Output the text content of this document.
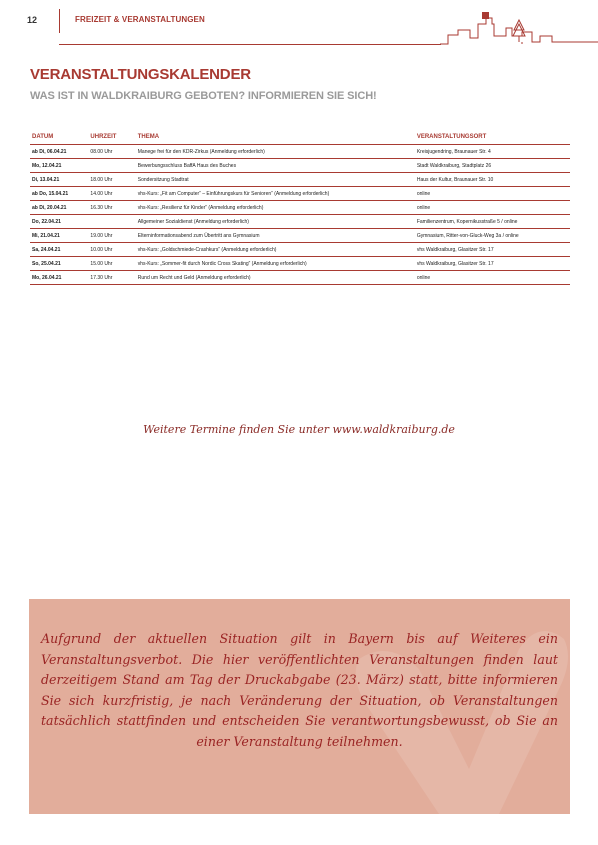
12	FREIZEIT & VERANSTALTUNGEN
VERANSTALTUNGSKALENDER
WAS IST IN WALDKRAIBURG GEBOTEN? INFORMIEREN SIE SICH!
DATUM	UHRZEIT	THEMA	VERANSTALTUNGSORT
ab Di, 06.04.21	08.00 Uhr	Manege frei für den KDR-Zirkus (Anmeldung erforderlich)	Kreisjugendring, Braunauer Str. 4
Mo, 12.04.21		Bewerbungsschluss BaffA Haus des Buches	Stadt Waldkraiburg, Stadtplatz 26
Di, 13.04.21	18.00 Uhr	Sondersitzung Stadtrat	Haus der Kultur, Braunauer Str. 10
ab Do, 15.04.21	14.00 Uhr	vhs-Kurs: „Fit am Computer“ – Einführungskurs für Senioren“ (Anmeldung erforderlich)	online
ab Di, 20.04.21	16.30 Uhr	vhs-Kurs: „Resilienz für Kinder“ (Anmeldung erforderlich)	online
Do, 22.04.21		Allgemeiner Sozialdienst (Anmeldung erforderlich)	Familienzentrum, Kopernikusstraße 5 / online
Mi, 21.04.21	19.00 Uhr	Elterninformationsabend zum Übertritt ans Gymnasium	Gymnasium, Ritter-von-Gluck-Weg 3a / online
Sa, 24.04.21	10.00 Uhr	vhs-Kurs: „Goldschmiede-Crashkurs“ (Anmeldung erforderlich)	vhs Waldkraiburg, Glasitzer Str. 17
So, 25.04.21	15.00 Uhr	vhs-Kurs: „Sommer-fit durch Nordic Cross Skating“ (Anmeldung erforderlich)	vhs Waldkraiburg, Glasitzer Str. 17
Mo, 26.04.21	17.30 Uhr	Rund um Recht und Geld (Anmeldung erforderlich)	online
Weitere Termine finden Sie unter www.waldkraiburg.de
Aufgrund der aktuellen Situation gilt in Bayern bis auf Weiteres ein Veranstaltungsverbot. Die hier veröffentlichten Veranstaltungen finden laut derzeitigem Stand am Tag der Druckabgabe (23. März) statt, bitte informieren Sie sich kurzfristig, je nach Veränderung der Situation, ob Veranstaltungen tatsächlich stattfinden und entscheiden Sie verantwortungsbewusst, ob Sie an einer Veranstaltung teilnehmen.
